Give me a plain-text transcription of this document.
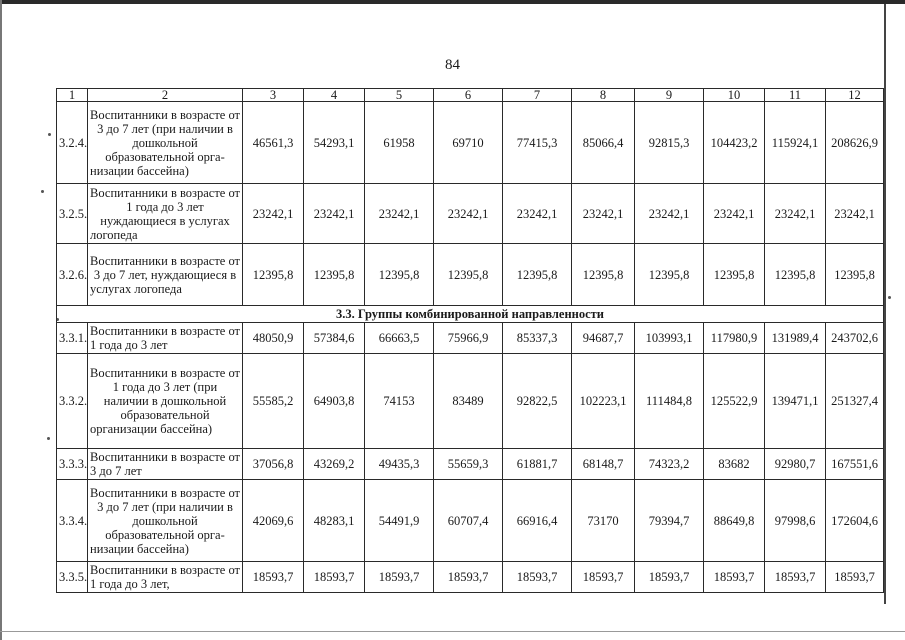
84
1	2	3	4	5	6	7	8	9	10	11	12
3.2.4.	Воспитанники в возрасте от 3 до 7 лет (при наличии в дошкольной образовательной организации бассейна)	46561,3	54293,1	61958	69710	77415,3	85066,4	92815,3	104423,2	115924,1	208626,9
3.2.5.	Воспитанники в возрасте от 1 года до 3 лет нуждающиеся в услугах логопеда	23242,1	23242,1	23242,1	23242,1	23242,1	23242,1	23242,1	23242,1	23242,1	23242,1
3.2.6.	Воспитанники в возрасте от 3 до 7 лет, нуждающиеся в услугах логопеда	12395,8	12395,8	12395,8	12395,8	12395,8	12395,8	12395,8	12395,8	12395,8	12395,8
3.3. Группы комбинированной направленности											
3.3.1.	Воспитанники в возрасте от 1 года до 3 лет	48050,9	57384,6	66663,5	75966,9	85337,3	94687,7	103993,1	117980,9	131989,4	243702,6
3.3.2.	Воспитанники в возрасте от 1 года до 3 лет (при наличии в дошкольной образовательной организации бассейна)	55585,2	64903,8	74153	83489	92822,5	102223,1	111484,8	125522,9	139471,1	251327,4
3.3.3.	Воспитанники в возрасте от 3 до 7 лет	37056,8	43269,2	49435,3	55659,3	61881,7	68148,7	74323,2	83682	92980,7	167551,6
3.3.4.	Воспитанники в возрасте от 3 до 7 лет (при наличии в дошкольной образовательной организации бассейна)	42069,6	48283,1	54491,9	60707,4	66916,4	73170	79394,7	88649,8	97998,6	172604,6
3.3.5.	Воспитанники в возрасте от 1 года до 3 лет,	18593,7	18593,7	18593,7	18593,7	18593,7	18593,7	18593,7	18593,7	18593,7	18593,7
